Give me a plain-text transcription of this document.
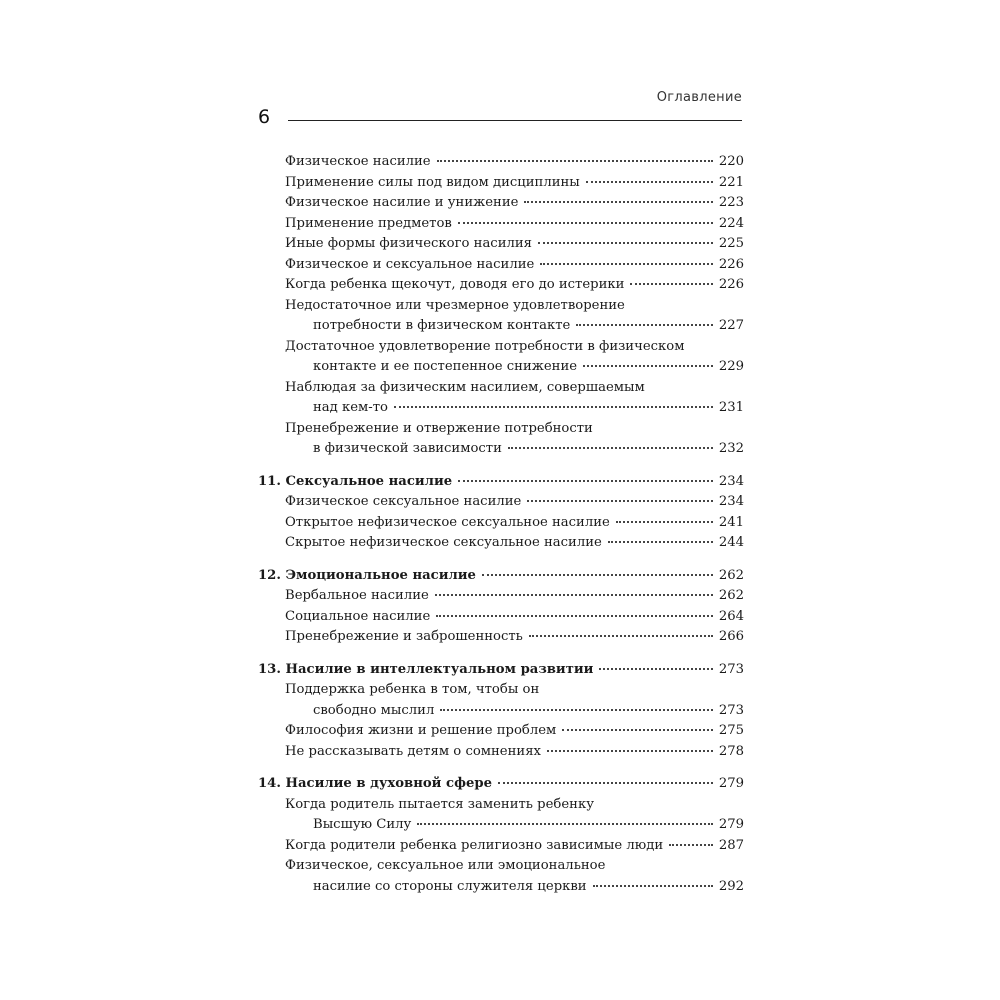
Оглавление
6
Физическое насилие	220
Применение силы под видом дисциплины	221
Физическое насилие и унижение	223
Применение предметов	224
Иные формы физического насилия	225
Физическое и сексуальное насилие	226
Когда ребенка щекочут, доводя его до истерики	226
Недостаточное или чрезмерное удовлетворение
потребности в физическом контакте	227
Достаточное удовлетворение потребности в физическом
контакте и ее постепенное снижение	229
Наблюдая за физическим насилием, совершаемым
над кем-то	231
Пренебрежение и отвержение потребности
в физической зависимости	232
11. Сексуальное насилие	234
Физическое сексуальное насилие	234
Открытое нефизическое сексуальное насилие	241
Скрытое нефизическое сексуальное насилие	244
12. Эмоциональное насилие	262
Вербальное насилие	262
Социальное насилие	264
Пренебрежение и заброшенность	266
13. Насилие в интеллектуальном развитии	273
Поддержка ребенка в том, чтобы он
свободно мыслил	273
Философия жизни и решение проблем	275
Не рассказывать детям о сомнениях	278
14. Насилие в духовной сфере	279
Когда родитель пытается заменить ребенку
Высшую Силу	279
Когда родители ребенка религиозно зависимые люди	287
Физическое, сексуальное или эмоциональное
насилие со стороны служителя церкви	292
